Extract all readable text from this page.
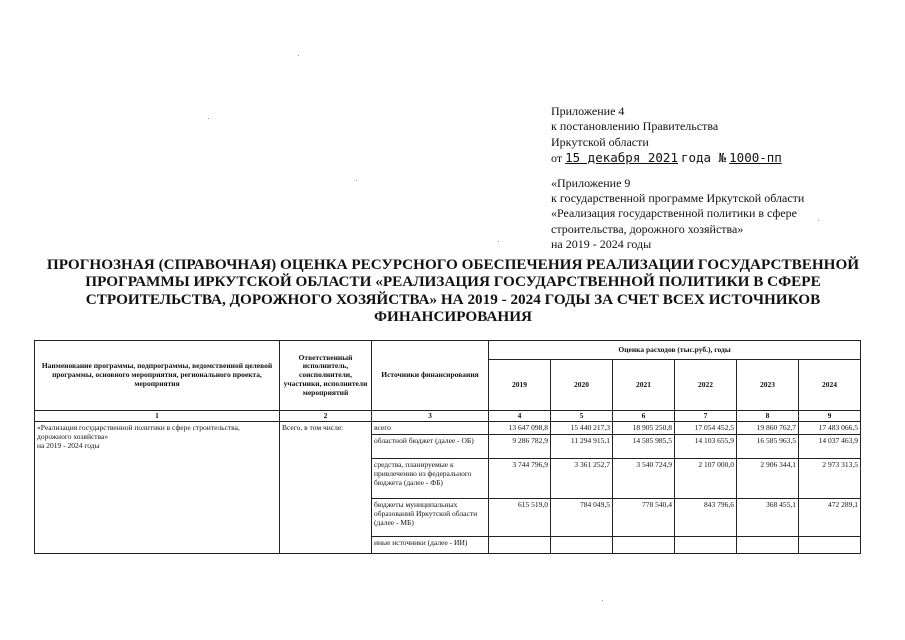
Приложение 4
к постановлению Правительства
Иркутской области
от 15 декабря 2021 года № 1000-пп
«Приложение 9
к государственной программе Иркутской области
«Реализация государственной политики в сфере
строительства, дорожного хозяйства»
на 2019 - 2024 годы
ПРОГНОЗНАЯ (СПРАВОЧНАЯ) ОЦЕНКА РЕСУРСНОГО ОБЕСПЕЧЕНИЯ РЕАЛИЗАЦИИ ГОСУДАРСТВЕННОЙ
ПРОГРАММЫ ИРКУТСКОЙ ОБЛАСТИ «РЕАЛИЗАЦИЯ ГОСУДАРСТВЕННОЙ ПОЛИТИКИ В СФЕРЕ
СТРОИТЕЛЬСТВА, ДОРОЖНОГО ХОЗЯЙСТВА» НА 2019 - 2024 ГОДЫ ЗА СЧЕТ ВСЕХ ИСТОЧНИКОВ
ФИНАНСИРОВАНИЯ
Наименование программы, подпрограммы, ведомственной целевой программы, основного мероприятия, регионального проекта, мероприятия	Ответственный исполнитель, соисполнители, участники, исполнители мероприятий	Источники финансирования	Оценка расходов (тыс.руб.), годы					
			2019	2020	2021	2022	2023	2024
1	2	3	4	5	6	7	8	9

«Реализация государственной политики в сфере строительства,
дорожного хозяйства»
на 2019 - 2024 годы	Всего, в том числе:	всего	13 647 098,8	15 440 217,3	18 905 250,8	17 054 452,5	19 860 762,7	17 483 066,5
		областной бюджет (далее - ОБ)	9 286 782,9	11 294 915,1	14 585 985,5	14 103 655,9	16 585 963,5	14 037 463,9
		средства, планируемые к привлечению из федерального бюджета (далее - ФБ)	3 744 796,9	3 361 252,7	3 540 724,9	2 107 000,0	2 906 344,1	2 973 313,5
		бюджеты муниципальных образований Иркутской области (далее - МБ)	615 519,0	784 049,5	778 540,4	843 796,6	368 455,1	472 289,1
		иные источники (далее - ИИ)						
